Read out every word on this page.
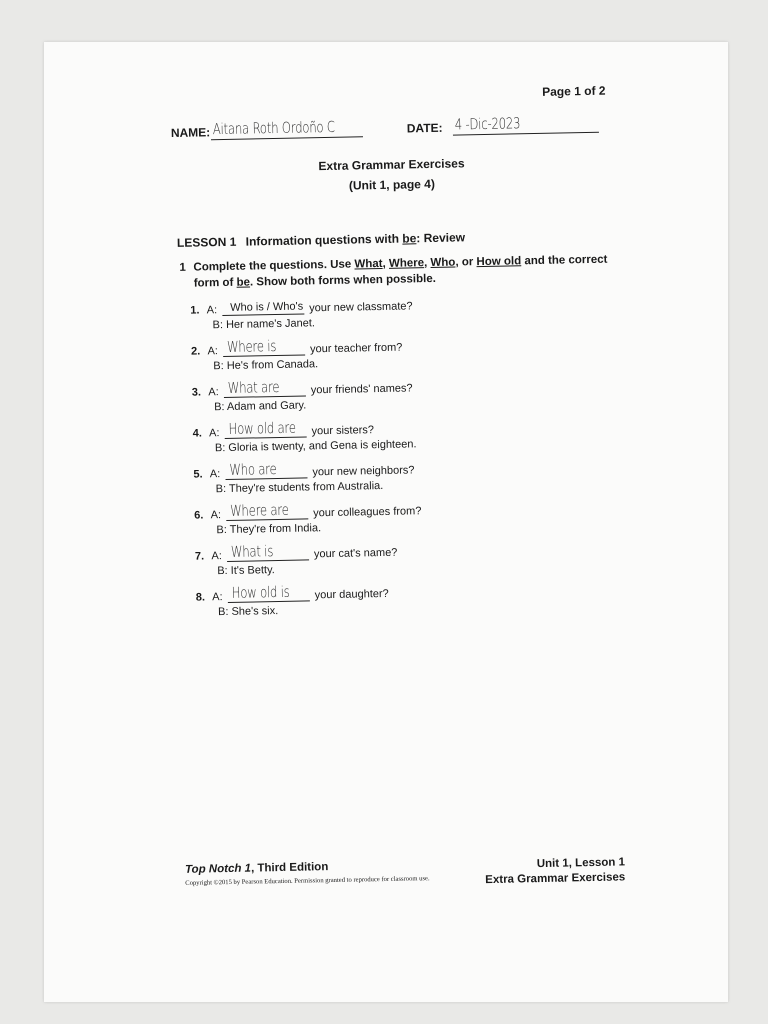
Page 1 of 2
NAME: Aitana Roth Ordoño C	DATE: 4 -Dic-2023
Extra Grammar Exercises
(Unit 1, page 4)
LESSON 1 Information questions with be: Review
1 Complete the questions. Use What, Where, Who, or How old and the correct form of be. Show both forms when possible.
1. A: Who is / Who's your new classmate?
B: Her name's Janet.
2. A: Where is	your teacher from?
B: He's from Canada.
3. A: What are	your friends' names?
B: Adam and Gary.
4. A: How old are your sisters?
B: Gloria is twenty, and Gena is eighteen.
5. A: Who are	your new neighbors?
B: They're students from Australia.
6. A: Where are your colleagues from?
B: They're from India.
7. A: What is	your cat's name?
B: It's Betty.
8. A: How old is your daughter?
B: She's six.
Top Notch 1, Third Edition
Copyright ©2015 by Pearson Education. Permission granted to reproduce for classroom use.
Unit 1, Lesson 1
Extra Grammar Exercises
